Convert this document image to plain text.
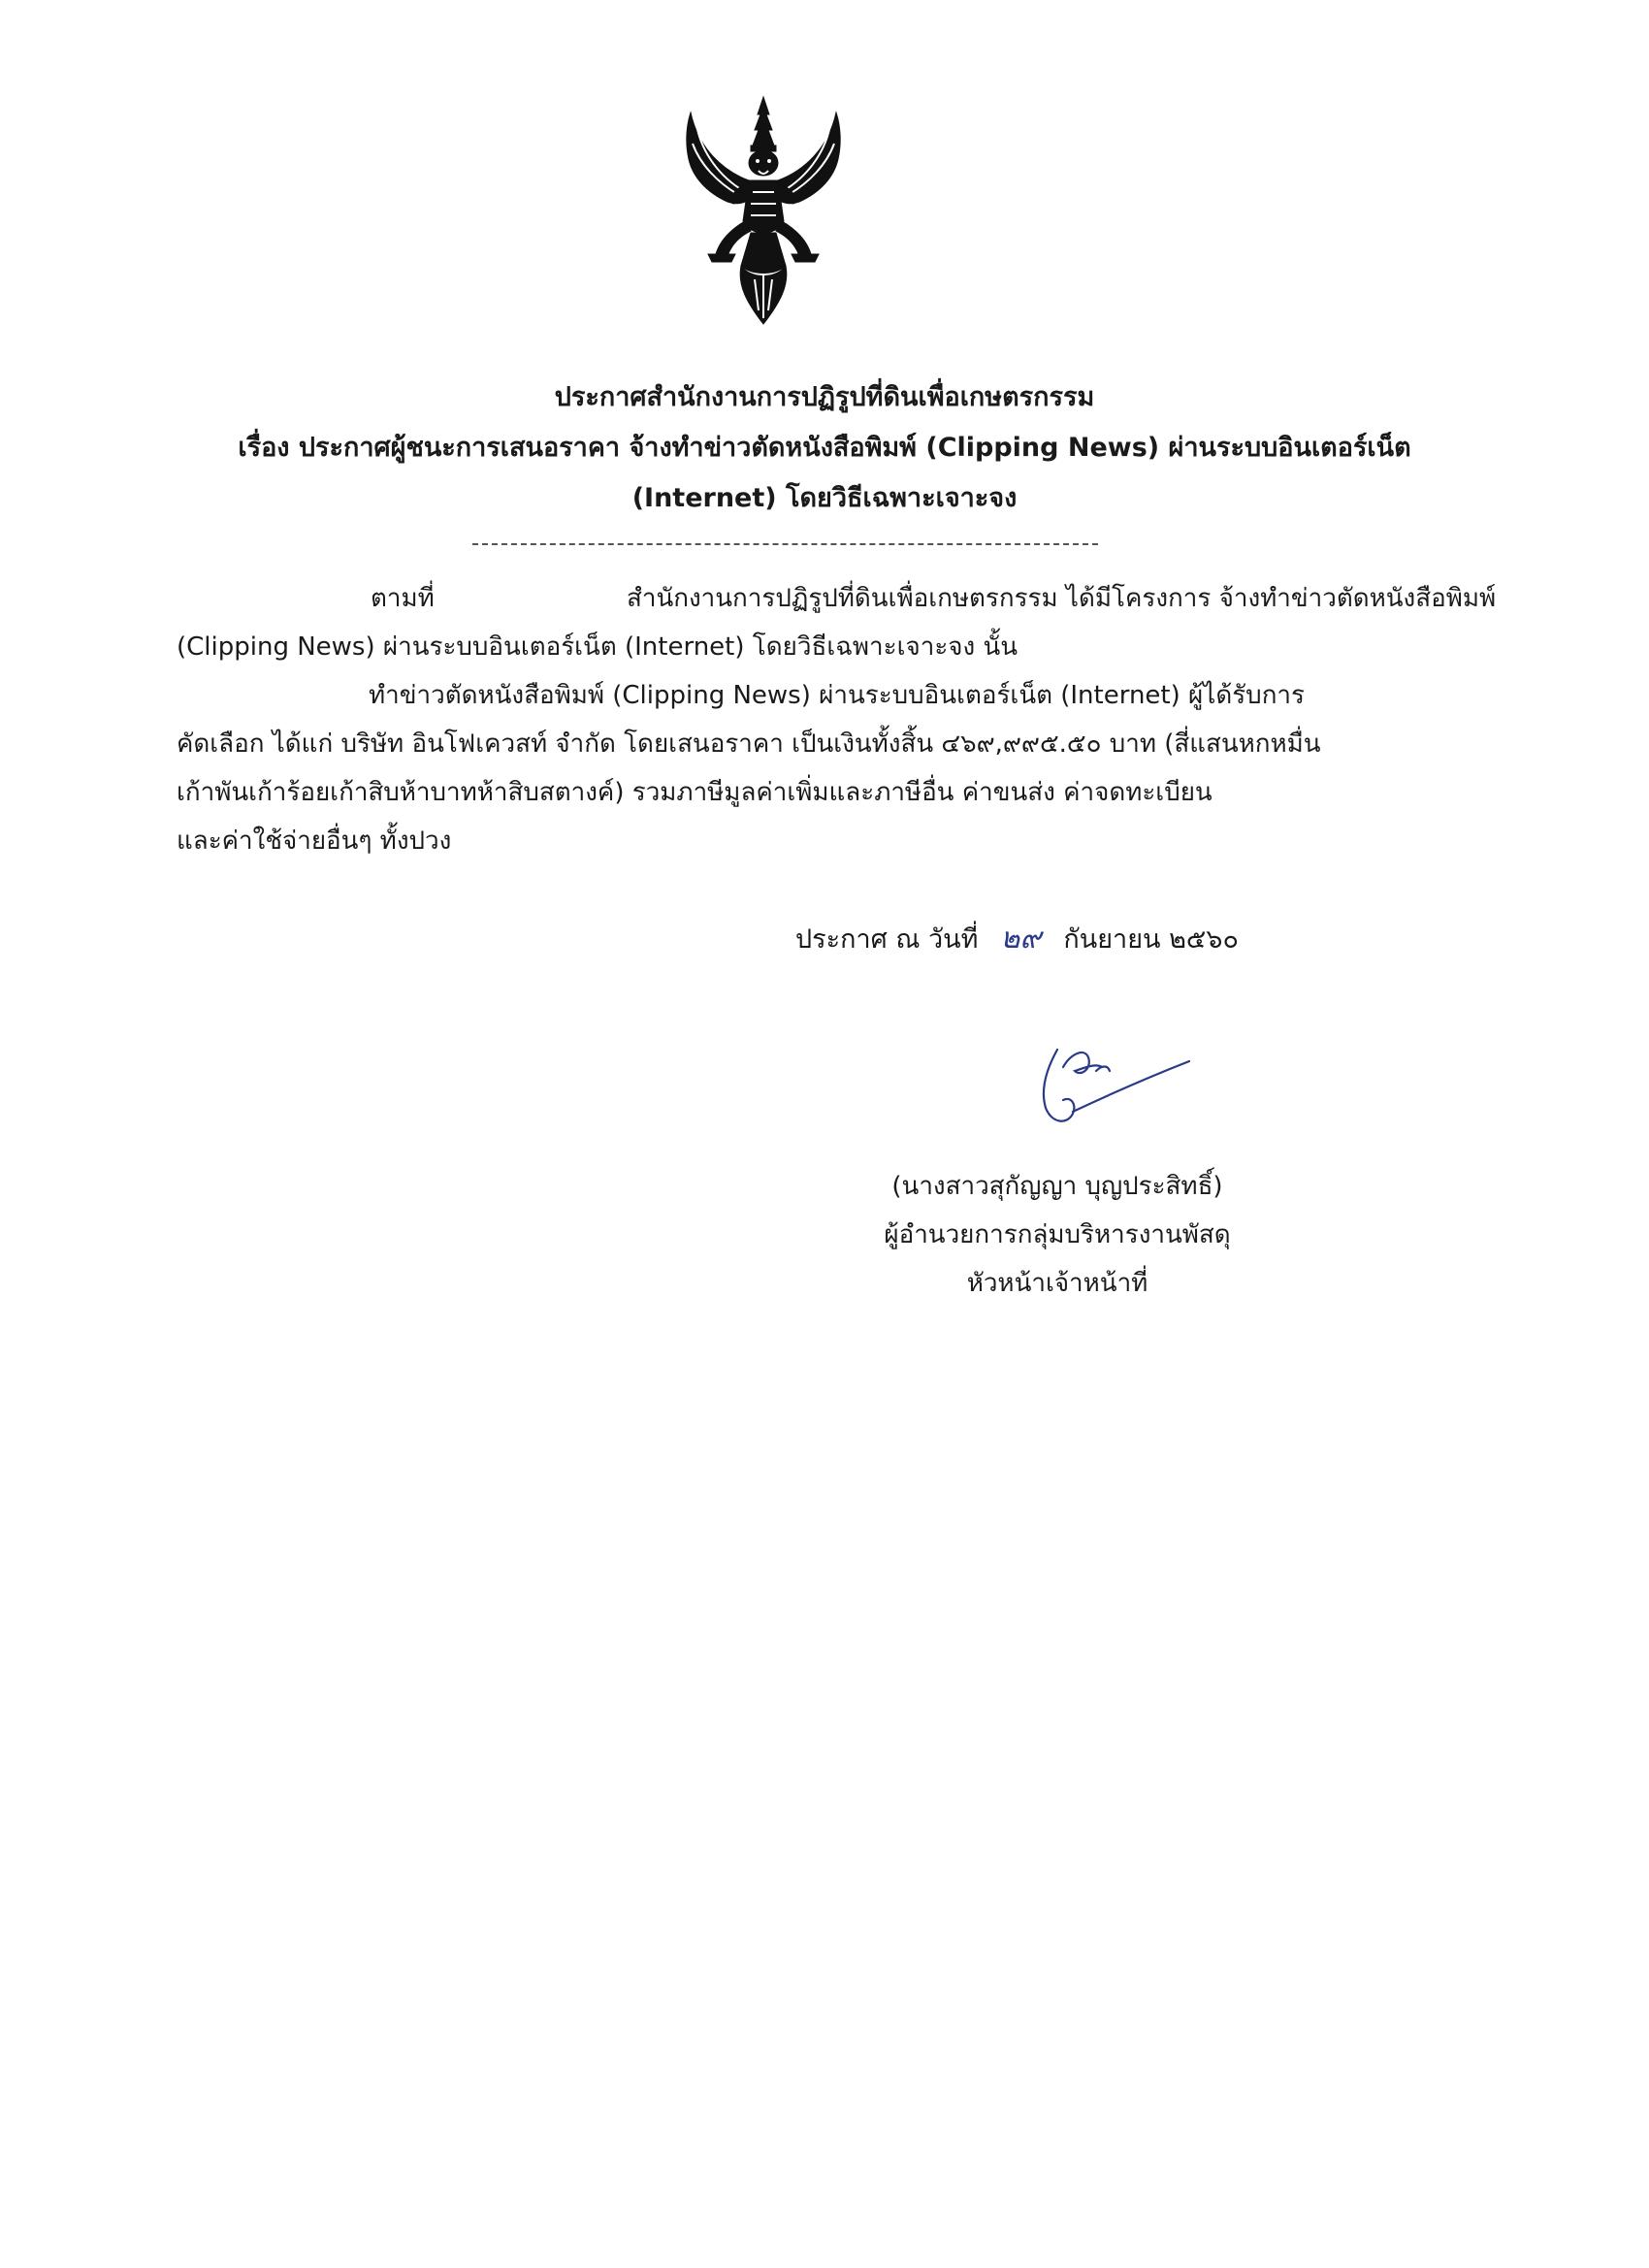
ประกาศสำนักงานการปฏิรูปที่ดินเพื่อเกษตรกรรม
เรื่อง ประกาศผู้ชนะการเสนอราคา จ้างทำข่าวตัดหนังสือพิมพ์ (Clipping News) ผ่านระบบอินเตอร์เน็ต
(Internet) โดยวิธีเฉพาะเจาะจง
ตามที่	สำนักงานการปฏิรูปที่ดินเพื่อเกษตรกรรม ได้มีโครงการ จ้างทำข่าวตัดหนังสือพิมพ์
(Clipping News) ผ่านระบบอินเตอร์เน็ต (Internet) โดยวิธีเฉพาะเจาะจง นั้น
ทำข่าวตัดหนังสือพิมพ์ (Clipping News) ผ่านระบบอินเตอร์เน็ต (Internet) ผู้ได้รับการ
คัดเลือก ได้แก่ บริษัท อินโฟเควสท์ จำกัด โดยเสนอราคา เป็นเงินทั้งสิ้น ๔๖๙,๙๙๕.๕๐ บาท (สี่แสนหกหมื่น
เก้าพันเก้าร้อยเก้าสิบห้าบาทห้าสิบสตางค์) รวมภาษีมูลค่าเพิ่มและภาษีอื่น ค่าขนส่ง ค่าจดทะเบียน
และค่าใช้จ่ายอื่นๆ ทั้งปวง
ประกาศ ณ วันที่ ๒๙ กันยายน ๒๕๖๐
(นางสาวสุกัญญา บุญประสิทธิ์)
ผู้อำนวยการกลุ่มบริหารงานพัสดุ
หัวหน้าเจ้าหน้าที่
